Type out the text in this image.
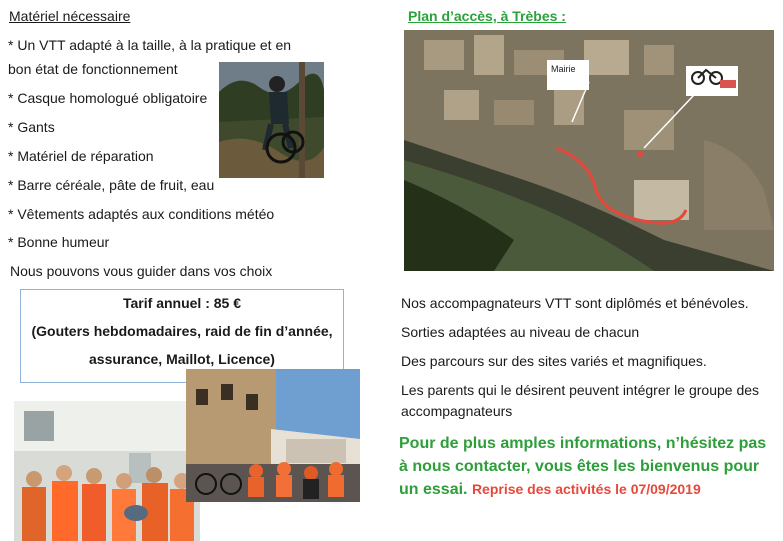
Matériel nécessaire
* Un VTT adapté à la taille, à la pratique et en
bon état de fonctionnement
* Casque homologué obligatoire
* Gants
* Matériel de réparation
* Barre céréale, pâte de fruit, eau
* Vêtements adaptés aux conditions météo
* Bonne humeur
Nous pouvons vous guider dans vos choix
Tarif annuel : 85 €
(Gouters hebdomadaires, raid de fin d’année,
assurance, Maillot, Licence)
Plan d’accès, à Trèbes :
Mairie
Nos accompagnateurs VTT sont diplômés et bénévoles.
Sorties adaptées au niveau de chacun
Des parcours sur des sites variés et magnifiques.
Les parents qui le désirent peuvent intégrer le groupe des
accompagnateurs
Pour de plus amples informations, n’hésitez pas à nous contacter, vous êtes les bienvenus pour un essai. Reprise des activités le 07/09/2019
